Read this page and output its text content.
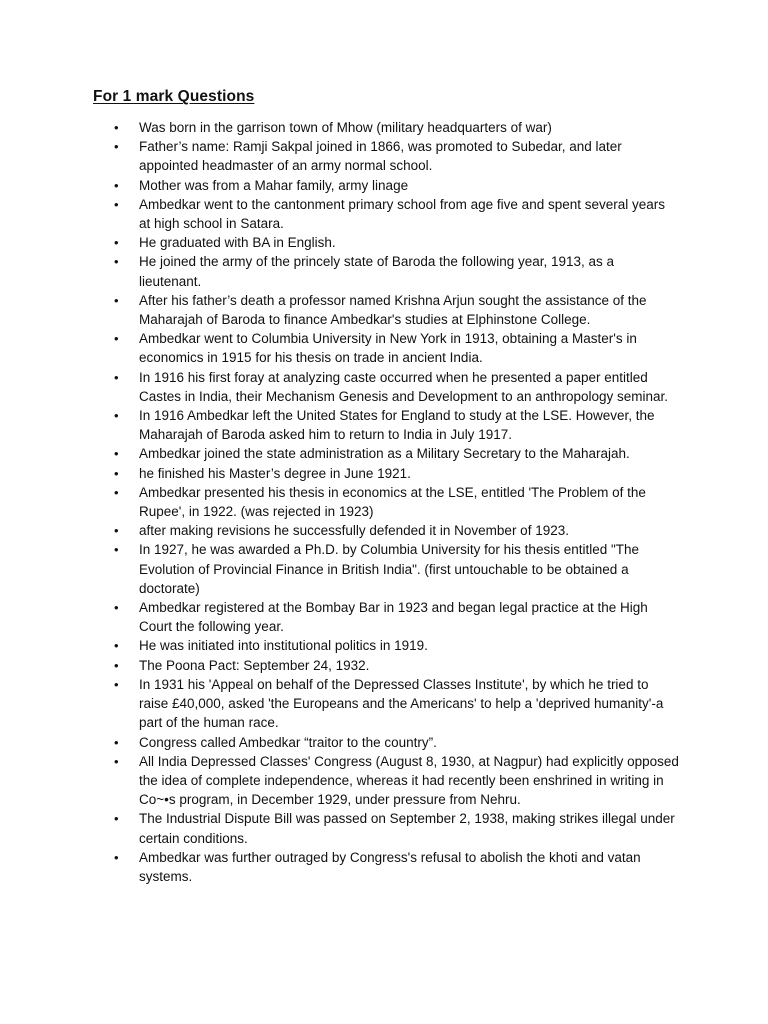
For 1 mark Questions
• Was born in the garrison town of Mhow (military headquarters of war)
• Father’s name: Ramji Sakpal joined in 1866, was promoted to Subedar, and later appointed headmaster of an army normal school.
• Mother was from a Mahar family, army linage
• Ambedkar went to the cantonment primary school from age five and spent several years at high school in Satara.
• He graduated with BA in English.
• He joined the army of the princely state of Baroda the following year, 1913, as a lieutenant.
• After his father’s death a professor named Krishna Arjun sought the assistance of the Maharajah of Baroda to finance Ambedkar's studies at Elphinstone College.
• Ambedkar went to Columbia University in New York in 1913, obtaining a Master's in economics in 1915 for his thesis on trade in ancient India.
• In 1916 his first foray at analyzing caste occurred when he presented a paper entitled Castes in India, their Mechanism Genesis and Development to an anthropology seminar.
• In 1916 Ambedkar left the United States for England to study at the LSE. However, the Maharajah of Baroda asked him to return to India in July 1917.
• Ambedkar joined the state administration as a Military Secretary to the Maharajah.
• he finished his Master’s degree in June 1921.
• Ambedkar presented his thesis in economics at the LSE, entitled 'The Problem of the Rupee', in 1922. (was rejected in 1923)
• after making revisions he successfully defended it in November of 1923.
• In 1927, he was awarded a Ph.D. by Columbia University for his thesis entitled "The Evolution of Provincial Finance in British India". (first untouchable to be obtained a doctorate)
• Ambedkar registered at the Bombay Bar in 1923 and began legal practice at the High Court the following year.
• He was initiated into institutional politics in 1919.
• The Poona Pact: September 24, 1932.
• In 1931 his 'Appeal on behalf of the Depressed Classes Institute', by which he tried to raise £40,000, asked 'the Europeans and the Americans' to help a 'deprived humanity'-a part of the human race.
• Congress called Ambedkar “traitor to the country”.
• All India Depressed Classes' Congress (August 8, 1930, at Nagpur) had explicitly opposed the idea of complete independence, whereas it had recently been enshrined in writing in Co~•s program, in December 1929, under pressure from Nehru.
• The Industrial Dispute Bill was passed on September 2, 1938, making strikes illegal under certain conditions.
• Ambedkar was further outraged by Congress's refusal to abolish the khoti and vatan systems.
